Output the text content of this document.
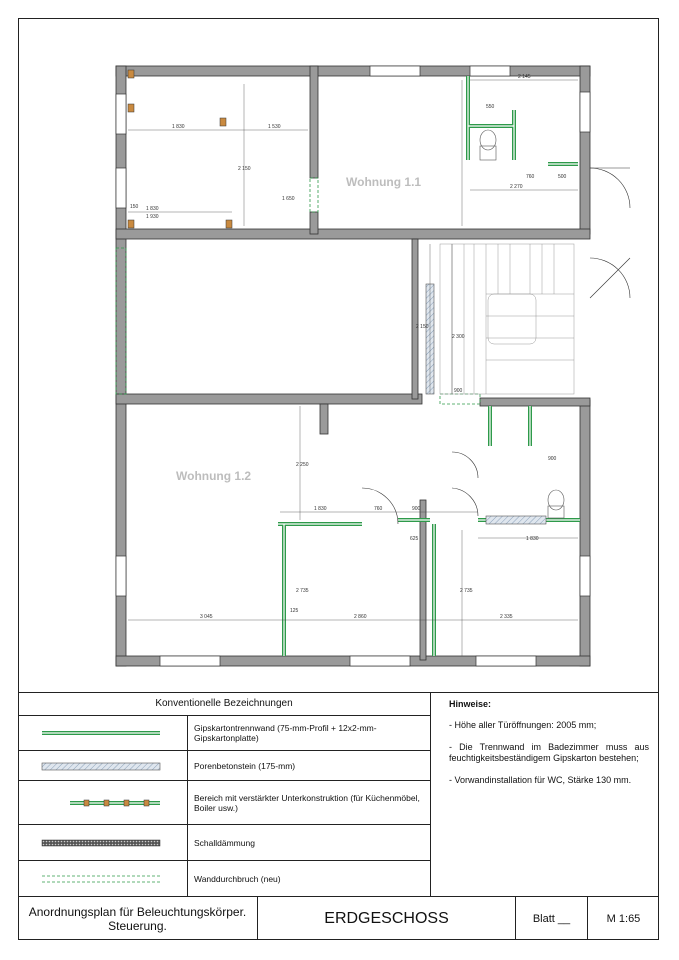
Wohnung 1.1
Wohnung 1.2
2 145
1 830	1 530
2 150
1 830
1 930
1 650
2 270
760	500
2 300
900
2 150
2 250
1 830	760	900
625	1 830
3 045	2 860	2 335
2 735	2 735
125
150
550
900
Konventionelle Bezeichnungen
Gipskartontrennwand (75-mm-Profil + 12x2-mm-Gipskartonplatte)
Porenbetonstein (175-mm)
Bereich mit verstärkter Unterkonstruktion (für Küchenmöbel, Boiler usw.)
Schalldämmung
Wanddurchbruch (neu)
Hinweise:

- Höhe aller Türöffnungen: 2005 mm;

- Die Trennwand im Badezimmer muss aus feuchtigkeitsbeständigem Gipskarton bestehen;

- Vorwandinstallation für WC, Stärke 130 mm.

Anordnungsplan für Beleuchtungskörper. Steuerung.	ERDGESCHOSS	Blatt __	M 1:65
